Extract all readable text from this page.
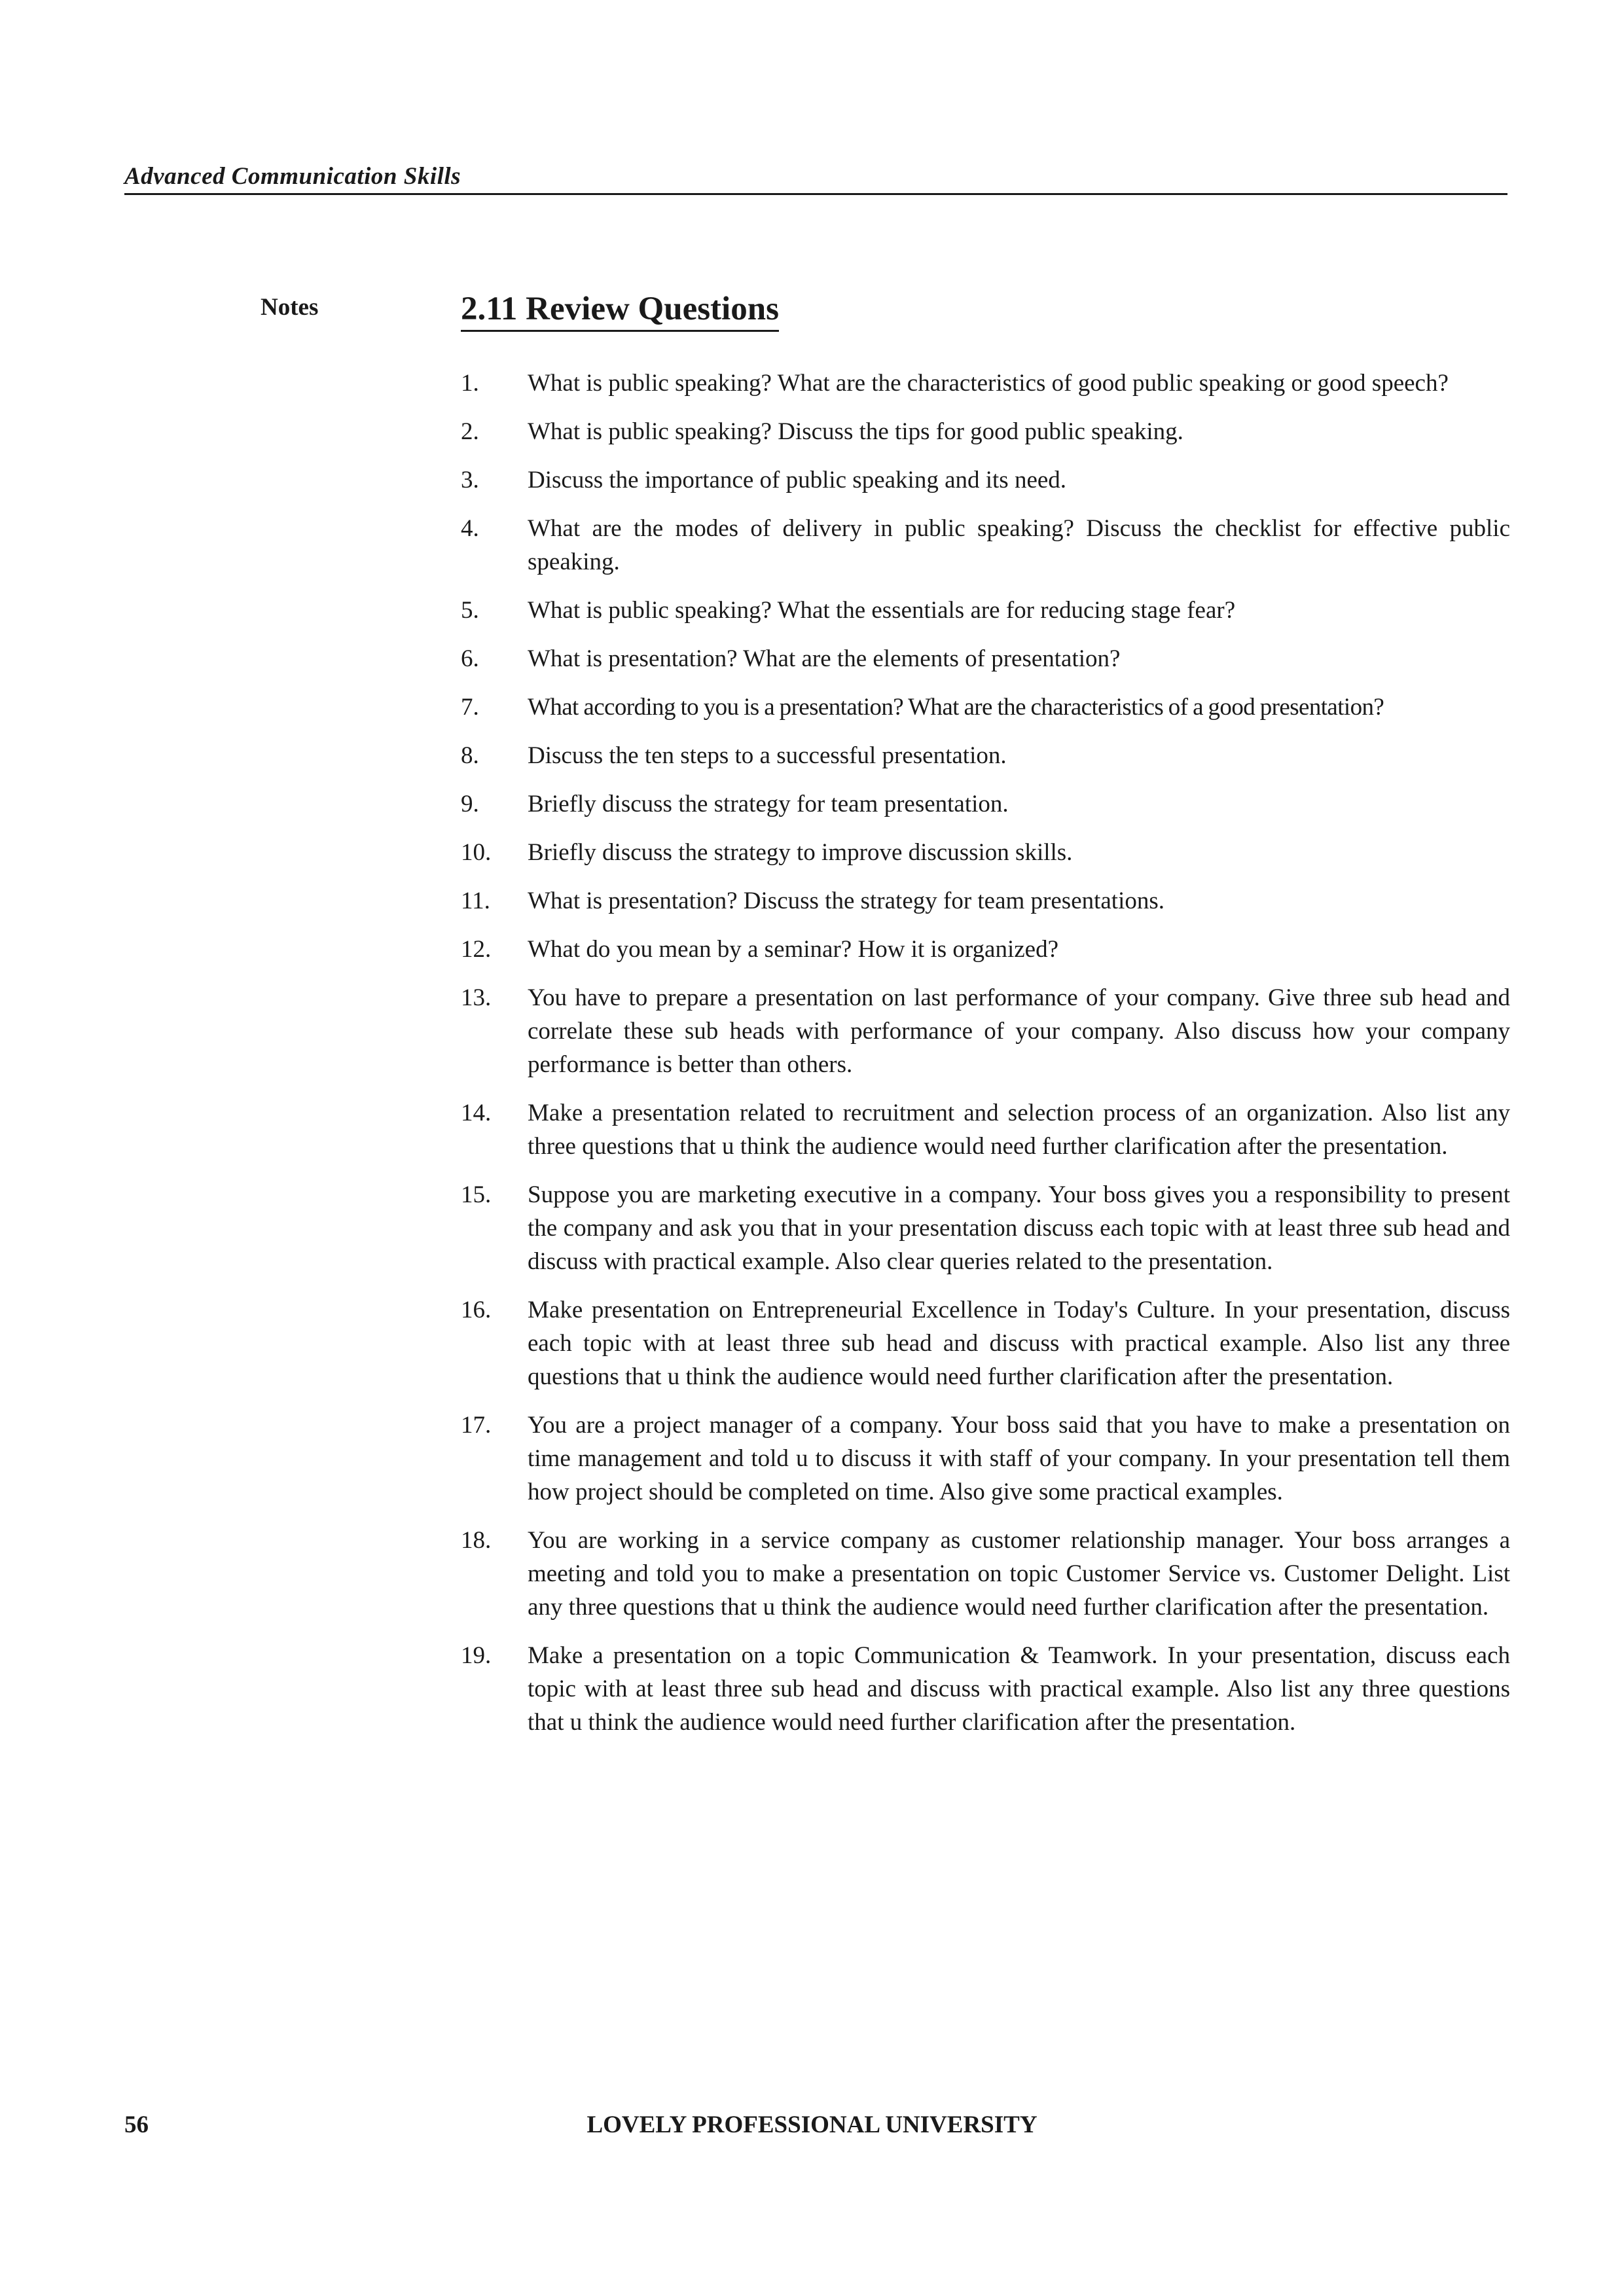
Advanced Communication Skills
Notes	2.11 Review Questions
1. What is public speaking? What are the characteristics of good public speaking or good speech?
2. What is public speaking? Discuss the tips for good public speaking.
3. Discuss the importance of public speaking and its need.
4. What are the modes of delivery in public speaking? Discuss the checklist for effective public speaking.
5. What is public speaking? What the essentials are for reducing stage fear?
6. What is presentation? What are the elements of presentation?
7. What according to you is a presentation? What are the characteristics of a good presentation?
8. Discuss the ten steps to a successful presentation.
9. Briefly discuss the strategy for team presentation.
10. Briefly discuss the strategy to improve discussion skills.
11. What is presentation? Discuss the strategy for team presentations.
12. What do you mean by a seminar? How it is organized?
13. You have to prepare a presentation on last performance of your company. Give three sub head and correlate these sub heads with performance of your company. Also discuss how your company performance is better than others.
14. Make a presentation related to recruitment and selection process of an organization. Also list any three questions that u think the audience would need further clarification after the presentation.
15. Suppose you are marketing executive in a company. Your boss gives you a responsibility to present the company and ask you that in your presentation discuss each topic with at least three sub head and discuss with practical example. Also clear queries related to the presentation.
16. Make presentation on Entrepreneurial Excellence in Today's Culture. In your presentation, discuss each topic with at least three sub head and discuss with practical example. Also list any three questions that u think the audience would need further clarification after the presentation.
17. You are a project manager of a company. Your boss said that you have to make a presentation on time management and told u to discuss it with staff of your company. In your presentation tell them how project should be completed on time. Also give some practical examples.
18. You are working in a service company as customer relationship manager. Your boss arranges a meeting and told you to make a presentation on topic Customer Service vs. Customer Delight. List any three questions that u think the audience would need further clarification after the presentation.
19. Make a presentation on a topic Communication & Teamwork. In your presentation, discuss each topic with at least three sub head and discuss with practical example. Also list any three questions that u think the audience would need further clarification after the presentation.
56	LOVELY PROFESSIONAL UNIVERSITY
